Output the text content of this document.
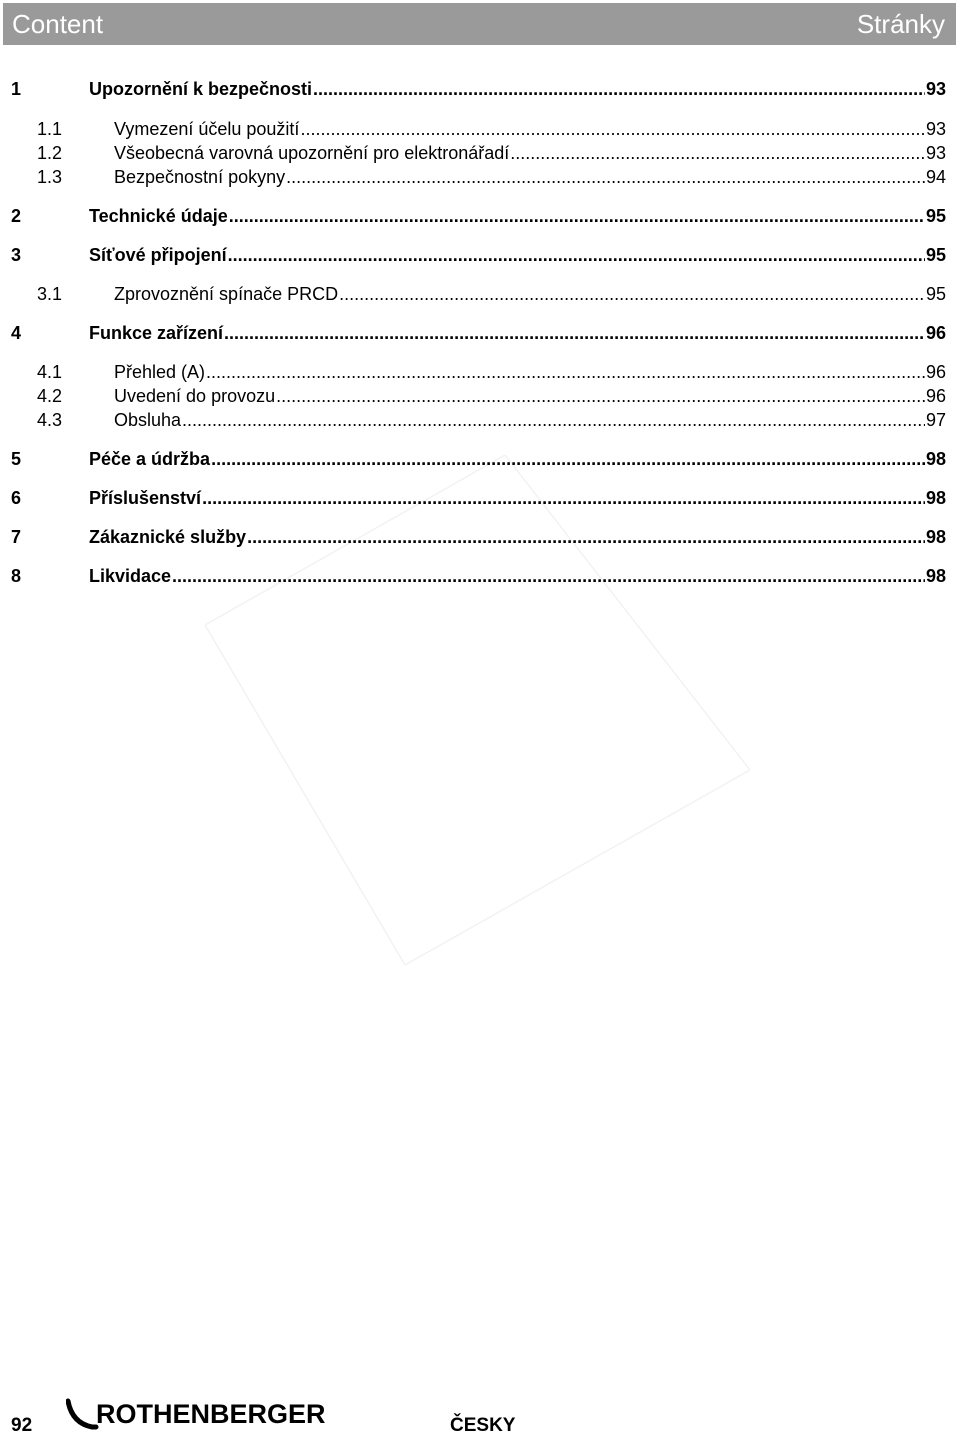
Content	Stránky
1	Upozornění k bezpečnosti .....	93
1.1	Vymezení účelu použití .....	93
1.2	Všeobecná varovná upozornění pro elektronářadí .....	93
1.3	Bezpečnostní pokyny .....	94
2	Technické údaje .....	95
3	Síťové připojení .....	95
3.1	Zprovoznění spínače PRCD .....	95
4	Funkce zařízení .....	96
4.1	Přehled (A) .....	96
4.2	Uvedení do provozu .....	96
4.3	Obsluha .....	97
5	Péče a údržba .....	98
6	Příslušenství .....	98
7	Zákaznické služby .....	98
8	Likvidace .....	98
ROTHENBERGER
92	ČESKY
